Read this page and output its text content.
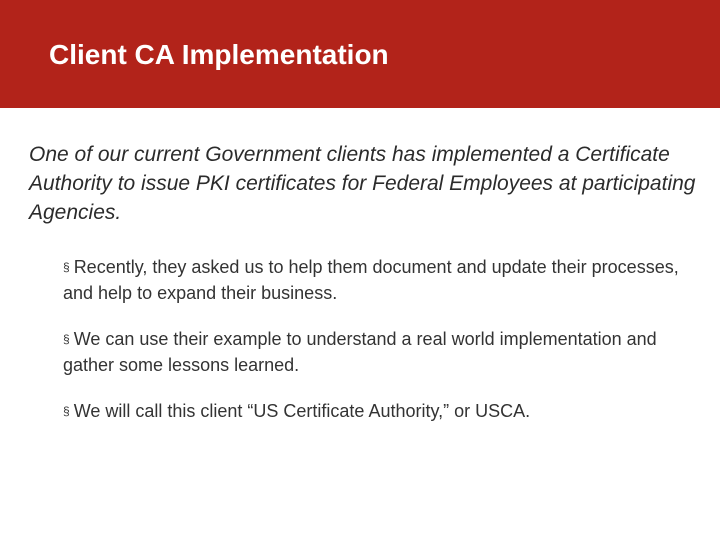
Client CA Implementation

One of our current Government clients has implemented a Certificate Authority to issue PKI certificates for Federal Employees at participating Agencies.

§ Recently, they asked us to help them document and update their processes, and help to expand their business.
§ We can use their example to understand a real world implementation and gather some lessons learned.
§ We will call this client “US Certificate Authority,” or USCA.
